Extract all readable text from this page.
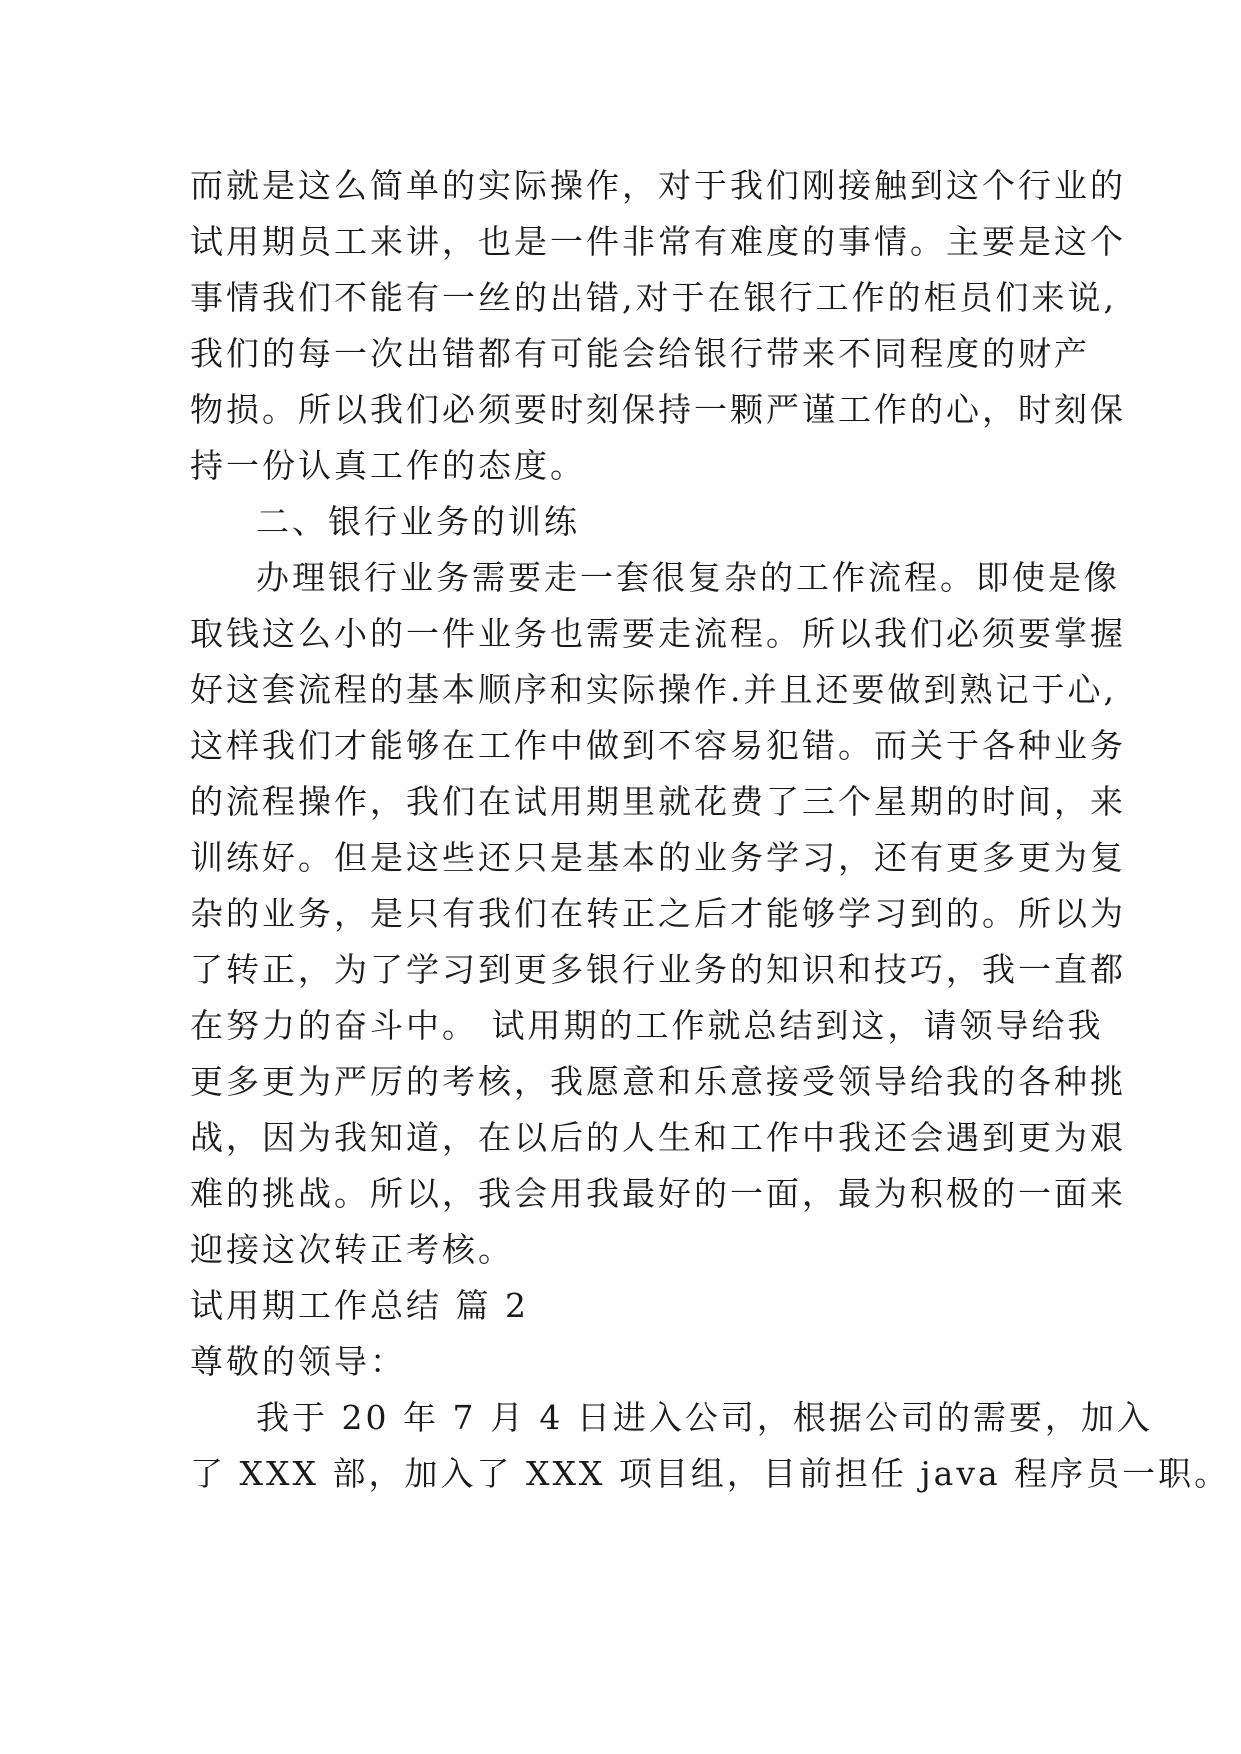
而就是这么简单的实际操作，对于我们刚接触到这个行业的
试用期员工来讲，也是一件非常有难度的事情。主要是这个
事情我们不能有一丝的出错,对于在银行工作的柜员们来说,
我们的每一次出错都有可能会给银行带来不同程度的财产
物损。所以我们必须要时刻保持一颗严谨工作的心，时刻保
持一份认真工作的态度。
二、银行业务的训练
办理银行业务需要走一套很复杂的工作流程。即使是像
取钱这么小的一件业务也需要走流程。所以我们必须要掌握
好这套流程的基本顺序和实际操作.并且还要做到熟记于心,
这样我们才能够在工作中做到不容易犯错。而关于各种业务
的流程操作，我们在试用期里就花费了三个星期的时间，来
训练好。但是这些还只是基本的业务学习，还有更多更为复
杂的业务，是只有我们在转正之后才能够学习到的。所以为
了转正，为了学习到更多银行业务的知识和技巧，我一直都
在努力的奋斗中。 试用期的工作就总结到这，请领导给我
更多更为严厉的考核，我愿意和乐意接受领导给我的各种挑
战，因为我知道，在以后的人生和工作中我还会遇到更为艰
难的挑战。所以，我会用我最好的一面，最为积极的一面来
迎接这次转正考核。
试用期工作总结 篇 2
尊敬的领导：
我于 20 年 7 月 4 日进入公司，根据公司的需要，加入
了 XXX 部，加入了 XXX 项目组，目前担任 java 程序员一职。
